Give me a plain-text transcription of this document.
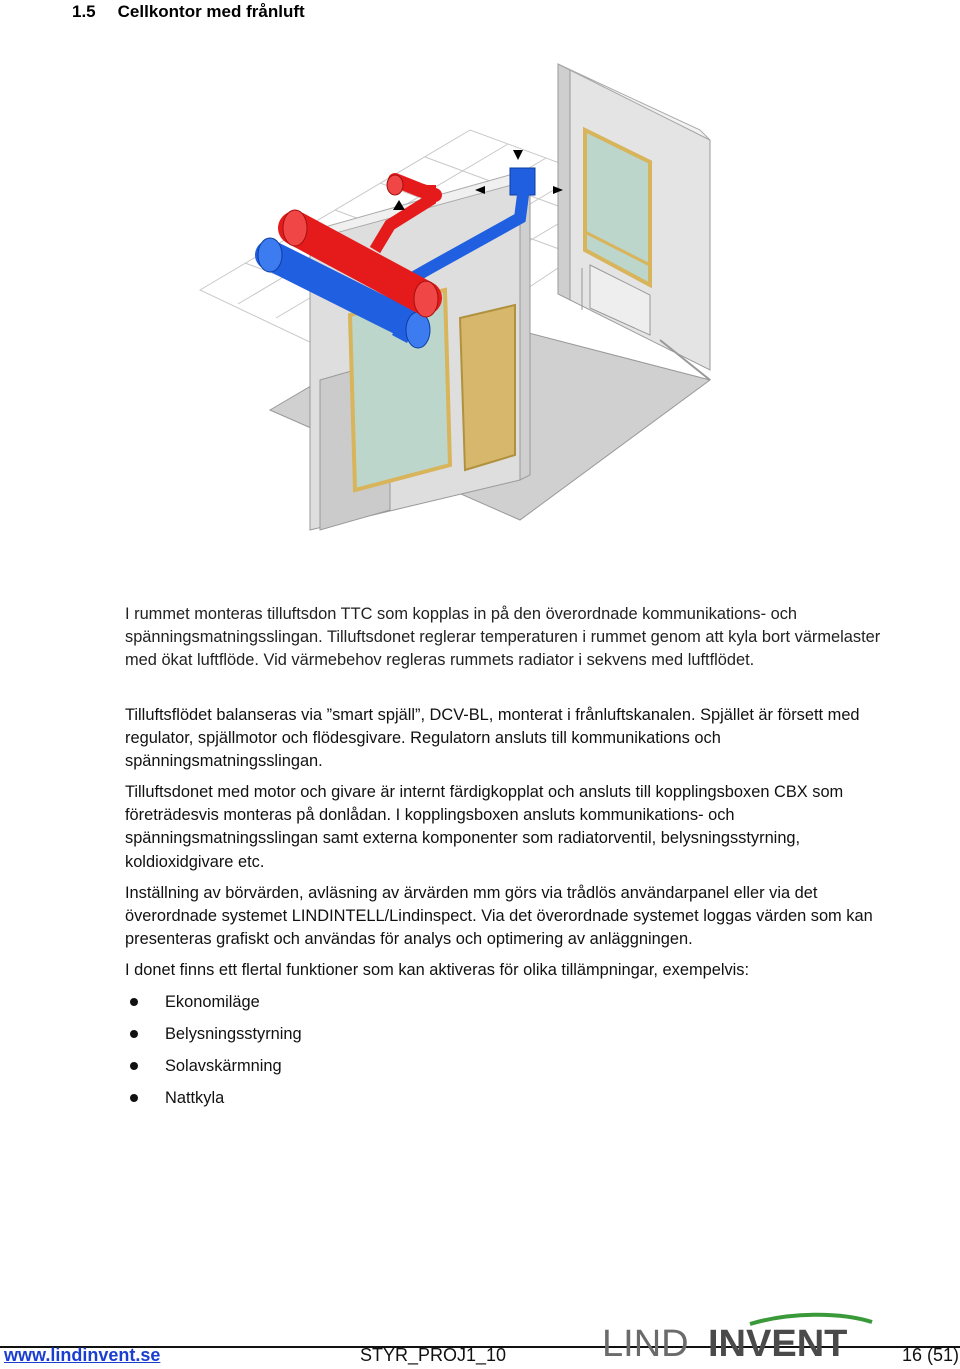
1.5 Cellkontor med frånluft

I rummet monteras tilluftsdon TTC som kopplas in på den överordnade kommunikations- och spänningsmatningsslingan. Tilluftsdonet reglerar temperaturen i rummet genom att kyla bort värmelaster med ökat luftflöde. Vid värmebehov regleras rummets radiator i sekvens med luftflödet.

Tilluftsflödet balanseras via ”smart spjäll”, DCV-BL, monterat i frånluftskanalen. Spjället är försett med regulator, spjällmotor och flödesgivare. Regulatorn ansluts till kommunikations och spänningsmatningsslingan.

Tilluftsdonet med motor och givare är internt färdigkopplat och ansluts till kopplingsboxen CBX som företrädesvis monteras på donlådan. I kopplingsboxen ansluts kommunikations- och spänningsmatningsslingan samt externa komponenter som radiatorventil, belysningsstyrning, koldioxidgivare etc.

Inställning av börvärden, avläsning av ärvärden mm görs via trådlös användarpanel eller via det överordnade systemet LINDINTELL/Lindinspect. Via det överordnade systemet loggas värden som kan presenteras grafiskt och användas för analys och optimering av anläggningen.

I donet finns ett flertal funktioner som kan aktiveras för olika tillämpningar, exempelvis:

Ekonomiläge
Belysningsstyrning
Solavskärmning
Nattkyla
www.lindinvent.se	STYR_PROJ1_10	LIND INVENT	16 (51)
